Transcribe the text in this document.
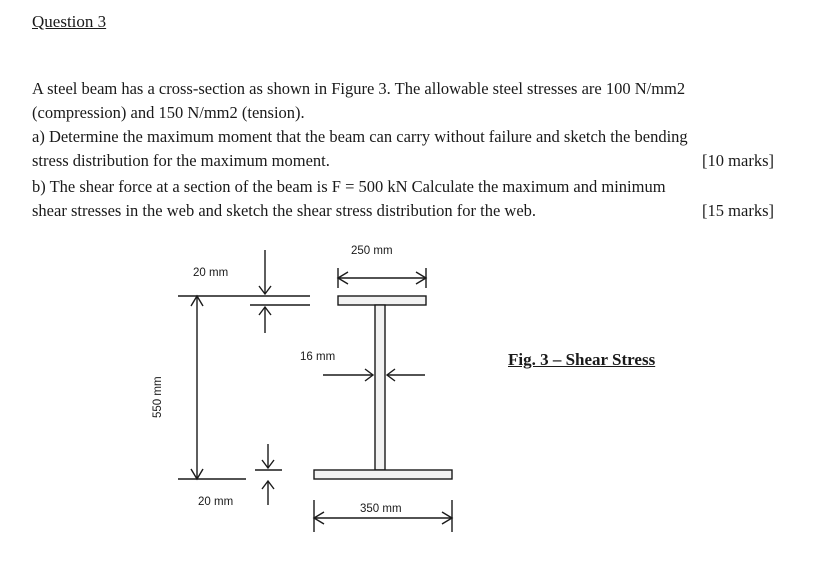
Question 3
A steel beam has a cross-section as shown in Figure 3. The allowable steel stresses are 100 N/mm2
(compression) and 150 N/mm2 (tension).
a) Determine the maximum moment that the beam can carry without failure and sketch the bending
stress distribution for the maximum moment.	[10 marks]
b) The shear force at a section of the beam is F = 500 kN Calculate the maximum and minimum
shear stresses in the web and sketch the shear stress distribution for the web.	[15 marks]
250 mm
350 mm
20 mm
20 mm
16 mm
550 mm
Fig. 3 – Shear Stress
